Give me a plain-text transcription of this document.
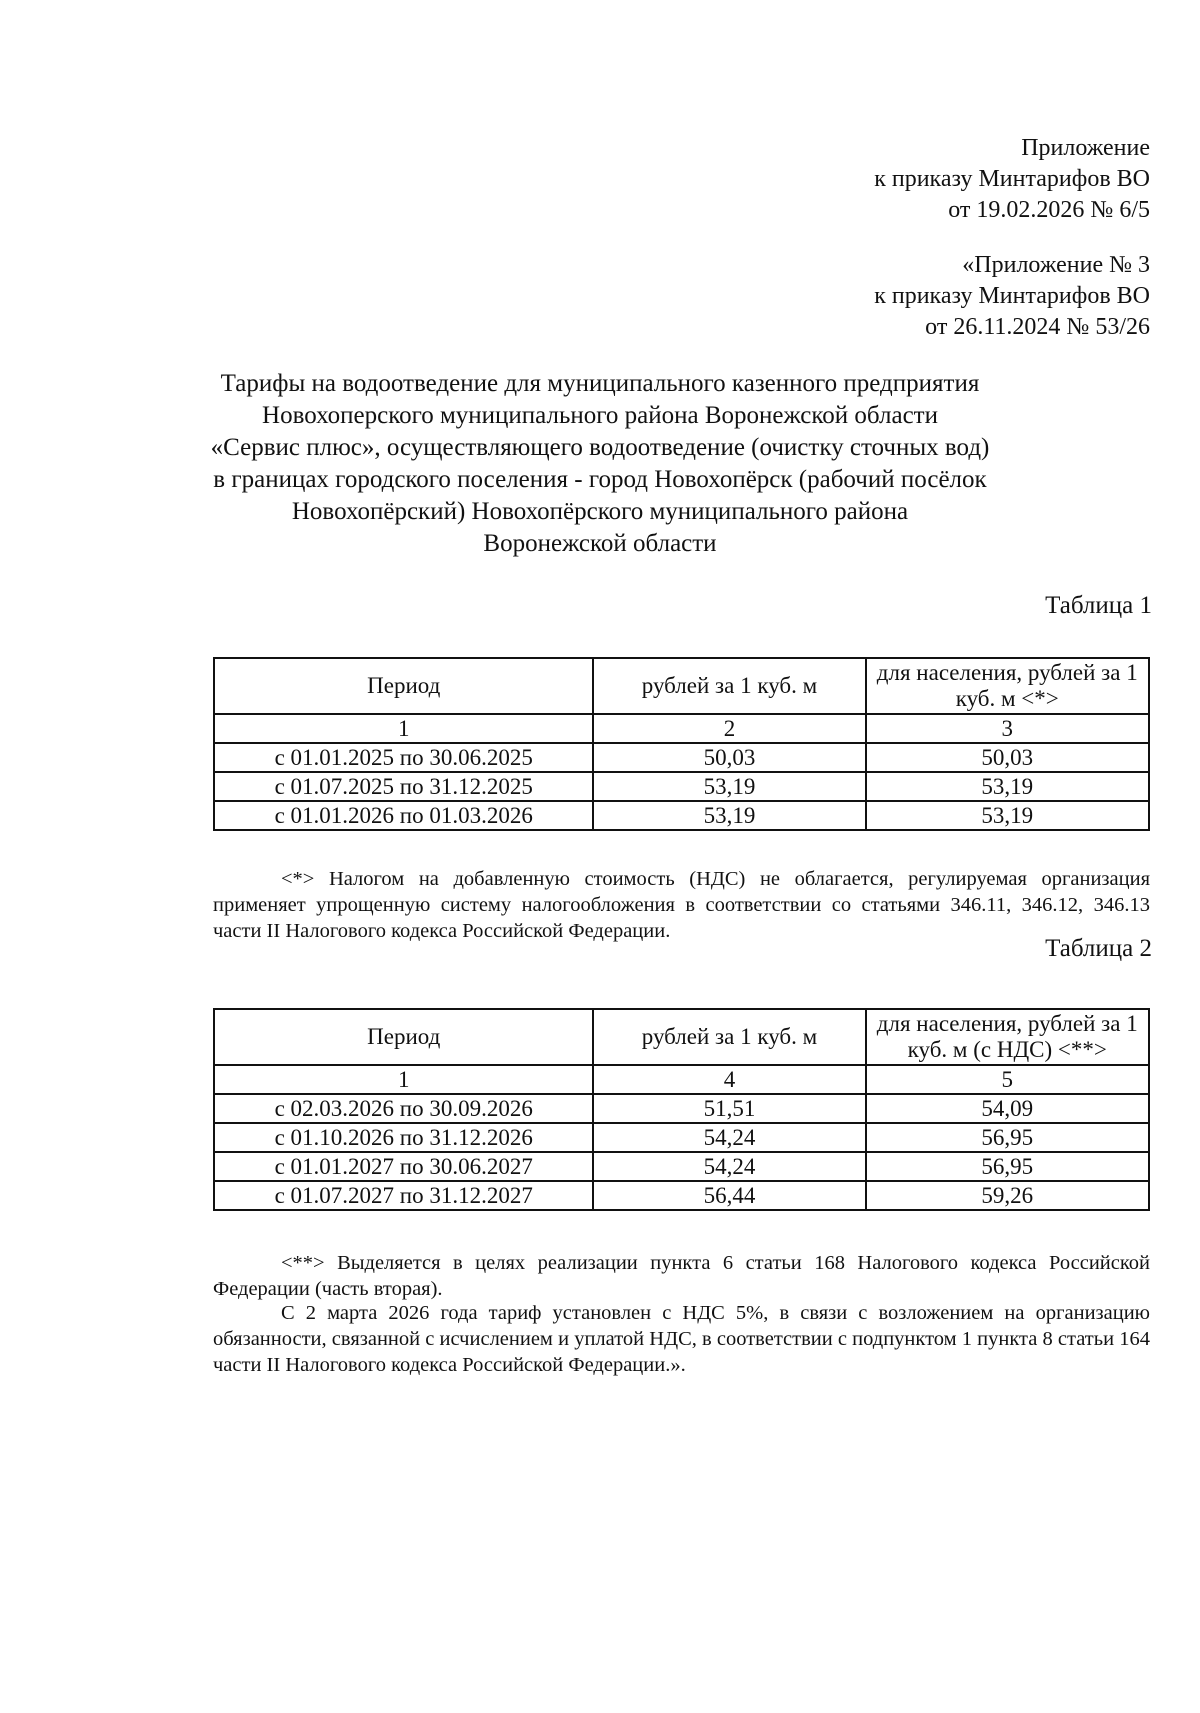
Приложение
к приказу Минтарифов ВО
от 19.02.2026 № 6/5
«Приложение № 3
к приказу Минтарифов ВО
от 26.11.2024 № 53/26
Тарифы на водоотведение для муниципального казенного предприятия
Новохоперского муниципального района Воронежской области
«Сервис плюс», осуществляющего водоотведение (очистку сточных вод)
в границах городского поселения - город Новохопёрск (рабочий посёлок
Новохопёрский) Новохопёрского муниципального района
Воронежской области
Таблица 1
Период	рублей за 1 куб. м	для населения, рублей за 1 куб. м <*>
1	2	3
с 01.01.2025 по 30.06.2025	50,03	50,03
с 01.07.2025 по 31.12.2025	53,19	53,19
с 01.01.2026 по 01.03.2026	53,19	53,19

<*> Налогом на добавленную стоимость (НДС) не облагается, регулируемая организация применяет упрощенную систему налогообложения в соответствии со статьями 346.11, 346.12, 346.13 части II Налогового кодекса Российской Федерации.

Таблица 2
Период	рублей за 1 куб. м	для населения, рублей за 1 куб. м (с НДС) <**>
1	4	5
с 02.03.2026 по 30.09.2026	51,51	54,09
с 01.10.2026 по 31.12.2026	54,24	56,95
с 01.01.2027 по 30.06.2027	54,24	56,95
с 01.07.2027 по 31.12.2027	56,44	59,26

<**> Выделяется в целях реализации пункта 6 статьи 168 Налогового кодекса Российской Федерации (часть вторая).

С 2 марта 2026 года тариф установлен с НДС 5%, в связи с возложением на организацию обязанности, связанной с исчислением и уплатой НДС, в соответствии с подпунктом 1 пункта 8 статьи 164 части II Налогового кодекса Российской Федерации.».
